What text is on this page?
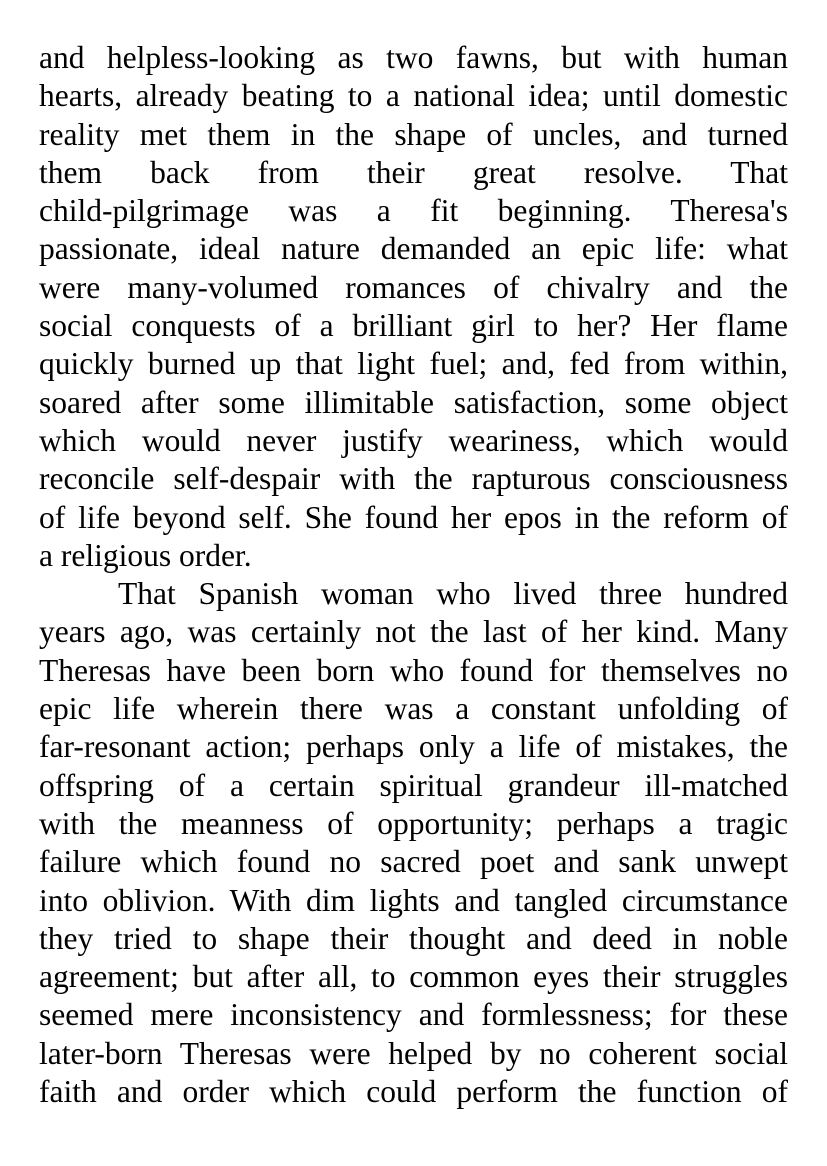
and helpless-looking as two fawns, but with human
hearts, already beating to a national idea; until domestic
reality met them in the shape of uncles, and turned
them back from their great resolve. That
child-pilgrimage was a fit beginning. Theresa's
passionate, ideal nature demanded an epic life: what
were many-volumed romances of chivalry and the
social conquests of a brilliant girl to her? Her flame
quickly burned up that light fuel; and, fed from within,
soared after some illimitable satisfaction, some object
which would never justify weariness, which would
reconcile self-despair with the rapturous consciousness
of life beyond self. She found her epos in the reform of
a religious order.
That Spanish woman who lived three hundred
years ago, was certainly not the last of her kind. Many
Theresas have been born who found for themselves no
epic life wherein there was a constant unfolding of
far-resonant action; perhaps only a life of mistakes, the
offspring of a certain spiritual grandeur ill-matched
with the meanness of opportunity; perhaps a tragic
failure which found no sacred poet and sank unwept
into oblivion. With dim lights and tangled circumstance
they tried to shape their thought and deed in noble
agreement; but after all, to common eyes their struggles
seemed mere inconsistency and formlessness; for these
later-born Theresas were helped by no coherent social
faith and order which could perform the function of
